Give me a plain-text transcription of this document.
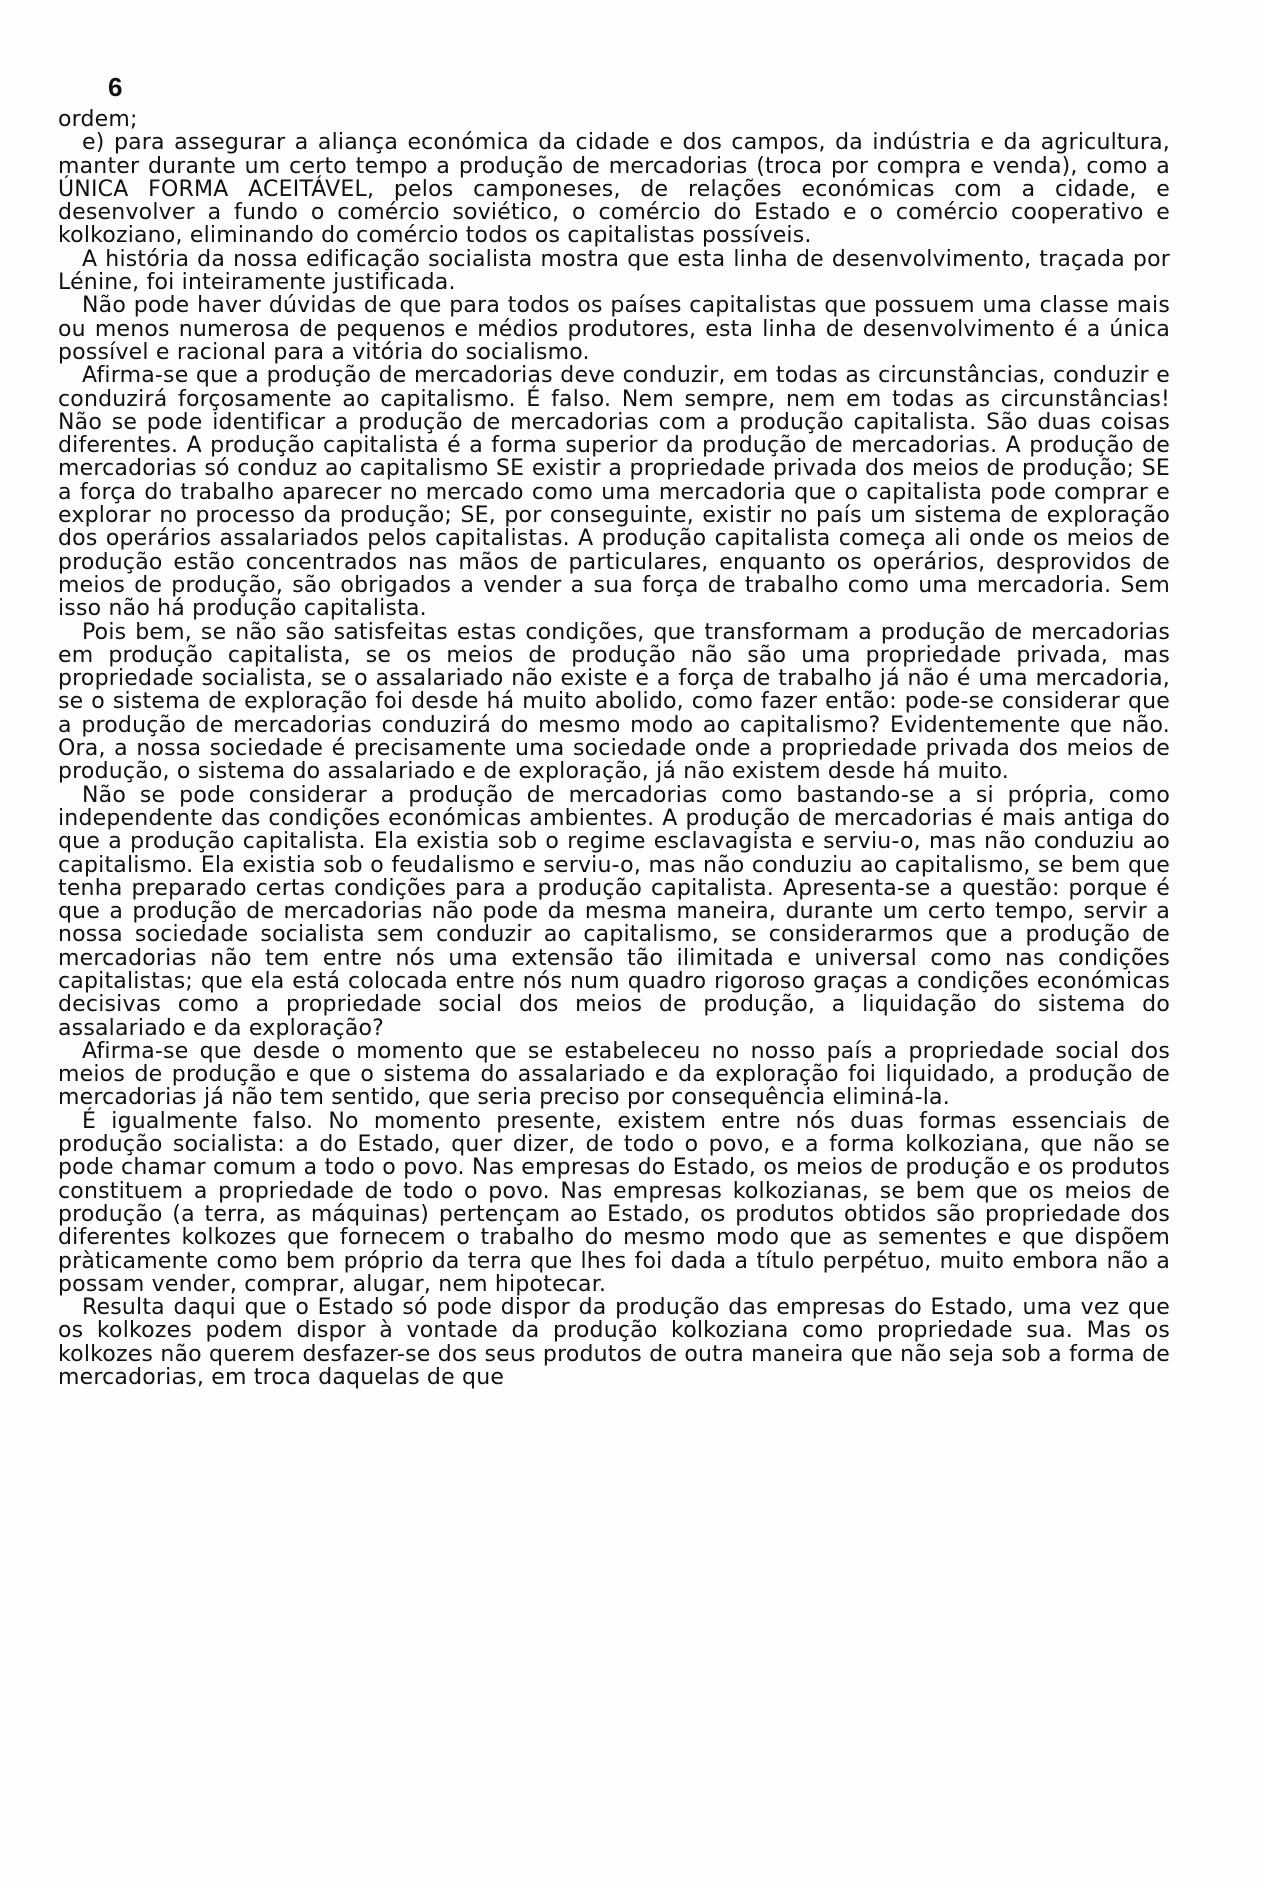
6

ordem;

e) para assegurar a aliança económica da cidade e dos campos, da indústria e da agricultura, manter durante um certo tempo a produção de mercadorias (troca por compra e venda), como a ÚNICA FORMA ACEITÁVEL, pelos camponeses, de relações económicas com a cidade, e desenvolver a fundo o comércio soviético, o comércio do Estado e o comércio cooperativo e kolkoziano, eliminando do comércio todos os capitalistas possíveis.

A história da nossa edificação socialista mostra que esta linha de desenvolvimento, traçada por Lénine, foi inteiramente justificada.

Não pode haver dúvidas de que para todos os países capitalistas que possuem uma classe mais ou menos numerosa de pequenos e médios produtores, esta linha de desenvolvimento é a única possível e racional para a vitória do socialismo.

Afirma-se que a produção de mercadorias deve conduzir, em todas as circunstâncias, conduzir e conduzirá forçosamente ao capitalismo. É falso. Nem sempre, nem em todas as circunstâncias! Não se pode identificar a produção de mercadorias com a produção capitalista. São duas coisas diferentes. A produção capitalista é a forma superior da produção de mercadorias. A produção de mercadorias só conduz ao capitalismo SE existir a propriedade privada dos meios de produção; SE a força do trabalho aparecer no mercado como uma mercadoria que o capitalista pode comprar e explorar no processo da produção; SE, por conseguinte, existir no país um sistema de exploração dos operários assalariados pelos capitalistas. A produção capitalista começa ali onde os meios de produção estão concentrados nas mãos de particulares, enquanto os operários, desprovidos de meios de produção, são obrigados a vender a sua força de trabalho como uma mercadoria. Sem isso não há produção capitalista.

Pois bem, se não são satisfeitas estas condições, que transformam a produção de mercadorias em produção capitalista, se os meios de produção não são uma propriedade privada, mas propriedade socialista, se o assalariado não existe e a força de trabalho já não é uma mercadoria, se o sistema de exploração foi desde há muito abolido, como fazer então: pode-se considerar que a produção de mercadorias conduzirá do mesmo modo ao capitalismo? Evidentemente que não. Ora, a nossa sociedade é precisamente uma sociedade onde a propriedade privada dos meios de produção, o sistema do assalariado e de exploração, já não existem desde há muito.

Não se pode considerar a produção de mercadorias como bastando-se a si própria, como independente das condições económicas ambientes. A produção de mercadorias é mais antiga do que a produção capitalista. Ela existia sob o regime esclavagista e serviu-o, mas não conduziu ao capitalismo. Ela existia sob o feudalismo e serviu-o, mas não conduziu ao capitalismo, se bem que tenha preparado certas condições para a produção capitalista. Apresenta-se a questão: porque é que a produção de mercadorias não pode da mesma maneira, durante um certo tempo, servir a nossa sociedade socialista sem conduzir ao capitalismo, se considerarmos que a produção de mercadorias não tem entre nós uma extensão tão ilimitada e universal como nas condições capitalistas; que ela está colocada entre nós num quadro rigoroso graças a condições económicas decisivas como a propriedade social dos meios de produção, a liquidação do sistema do assalariado e da exploração?

Afirma-se que desde o momento que se estabeleceu no nosso país a propriedade social dos meios de produção e que o sistema do assalariado e da exploração foi liquidado, a produção de mercadorias já não tem sentido, que seria preciso por consequência eliminá-la.

É igualmente falso. No momento presente, existem entre nós duas formas essenciais de produção socialista: a do Estado, quer dizer, de todo o povo, e a forma kolkoziana, que não se pode chamar comum a todo o povo. Nas empresas do Estado, os meios de produção e os produtos constituem a propriedade de todo o povo. Nas empresas kolkozianas, se bem que os meios de produção (a terra, as máquinas) pertençam ao Estado, os produtos obtidos são propriedade dos diferentes kolkozes que fornecem o trabalho do mesmo modo que as sementes e que dispõem pràticamente como bem próprio da terra que lhes foi dada a título perpétuo, muito embora não a possam vender, comprar, alugar, nem hipotecar.

Resulta daqui que o Estado só pode dispor da produção das empresas do Estado, uma vez que os kolkozes podem dispor à vontade da produção kolkoziana como propriedade sua. Mas os kolkozes não querem desfazer-se dos seus produtos de outra maneira que não seja sob a forma de mercadorias, em troca daquelas de que
